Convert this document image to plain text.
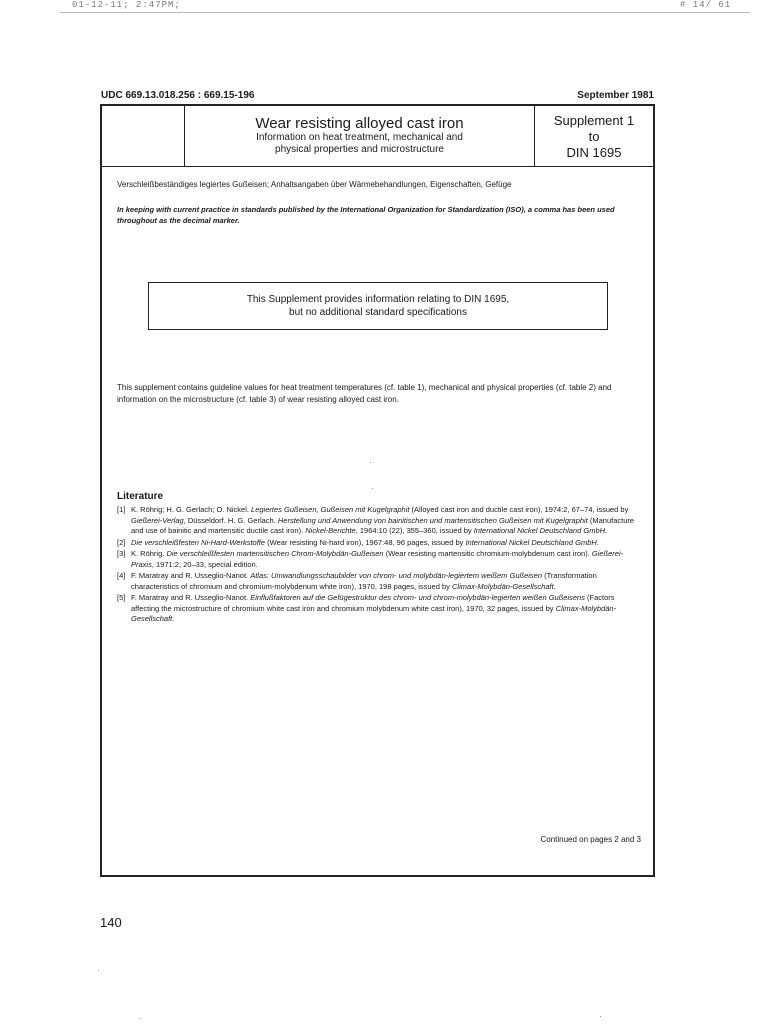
01-12-11; 2:47PM;	# 14/ 61
UDC 669.13.018.256 : 669.15-196	September 1981
Wear resisting alloyed cast iron
Information on heat treatment, mechanical and
physical properties and microstructure
Supplement 1
to
DIN 1695
Verschleißbeständiges legiertes Gußeisen; Anhaltsangaben über Wärmebehandlungen, Eigenschaften, Gefüge
In keeping with current practice in standards published by the International Organization for Standardization (ISO), a comma has been used throughout as the decimal marker.
This Supplement provides information relating to DIN 1695,
but no additional standard specifications
This supplement contains guideline values for heat treatment temperatures (cf. table 1), mechanical and physical properties (cf. table 2) and information on the microstructure (cf. table 3) of wear resisting alloyed cast iron.
Literature
[1] K. Röhrig; H. G. Gerlach; O. Nickel. Legiertes Gußeisen, Gußeisen mit Kugelgraphit (Alloyed cast iron and ductile cast iron), 1974:2, 67–74, issued by Gießerei-Verlag, Düsseldorf. H. G. Gerlach. Herstellung und Anwendung von bainitischen und martensitischen Gußeisen mit Kugelgraphit (Manufacture and use of bainitic and martensitic ductile cast iron). Nickel-Berichte, 1964:10 (22), 355–360, issued by International Nickel Deutschland GmbH.
[2] Die verschleißfesten Ni-Hard-Werkstoffe (Wear resisting Ni-hard iron), 1967:48, 96 pages, issued by International Nickel Deutschland GmbH.
[3] K. Röhrig. Die verschleißfesten martensitischen Chrom-Molybdän-Gußeisen (Wear resisting martensitic chromium-molybdenum cast iron). Gießerei-Praxis, 1971:2, 20–33, special edition.
[4] F. Maratray and R. Usseglio-Nanot. Atlas: Umwandlungsschaubilder von chrom- und molybdän-legiertem weißem Gußeisen (Transformation characteristics of chromium and chromium-molybdenum white iron), 1970, 198 pages, issued by Climax-Molybdän-Gesellschaft.
[5] F. Maratray and R. Usseglio-Nanot. Einflußfaktoren auf die Gefügestruktur des chrom- und chrom-molybdän-legierten weißen Gußeisens (Factors affecting the microstructure of chromium white cast iron and chromium molybdenum white cast iron), 1970, 32 pages, issued by Climax-Molybdän-Gesellschaft.
Continued on pages 2 and 3
140
